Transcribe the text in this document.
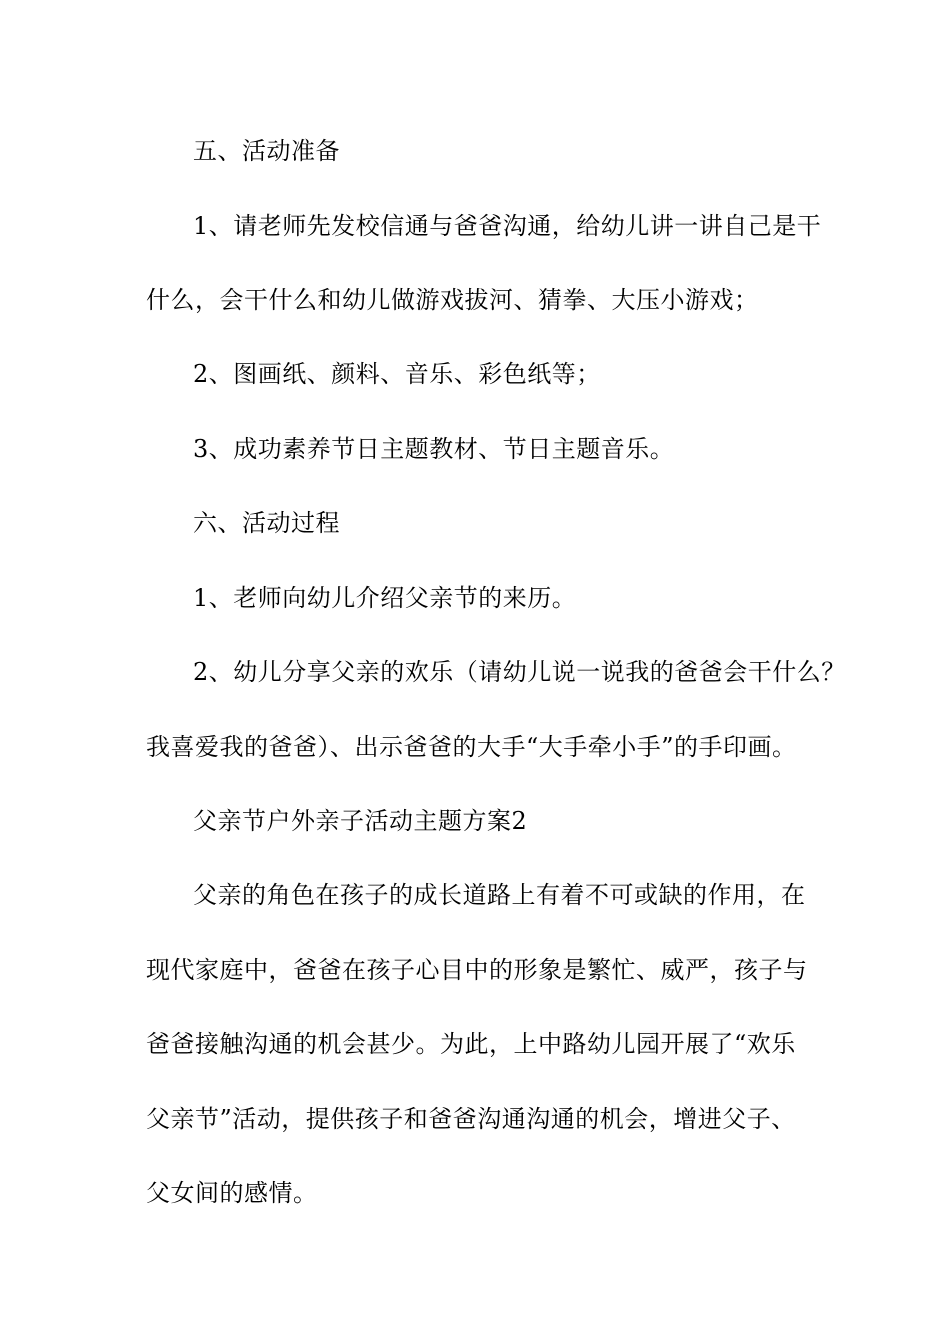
五、活动准备
1、请老师先发校信通与爸爸沟通，给幼儿讲一讲自己是干
什么，会干什么和幼儿做游戏拔河、猜拳、大压小游戏；
2、图画纸、颜料、音乐、彩色纸等；
3、成功素养节日主题教材、节日主题音乐。
六、活动过程
1、老师向幼儿介绍父亲节的来历。
2、幼儿分享父亲的欢乐（请幼儿说一说我的爸爸会干什么？
我喜爱我的爸爸）、出示爸爸的大手“大手牵小手”的手印画。
父亲节户外亲子活动主题方案2
父亲的角色在孩子的成长道路上有着不可或缺的作用，在
现代家庭中，爸爸在孩子心目中的形象是繁忙、威严，孩子与
爸爸接触沟通的机会甚少。为此，上中路幼儿园开展了“欢乐
父亲节”活动，提供孩子和爸爸沟通沟通的机会，增进父子、
父女间的感情。
